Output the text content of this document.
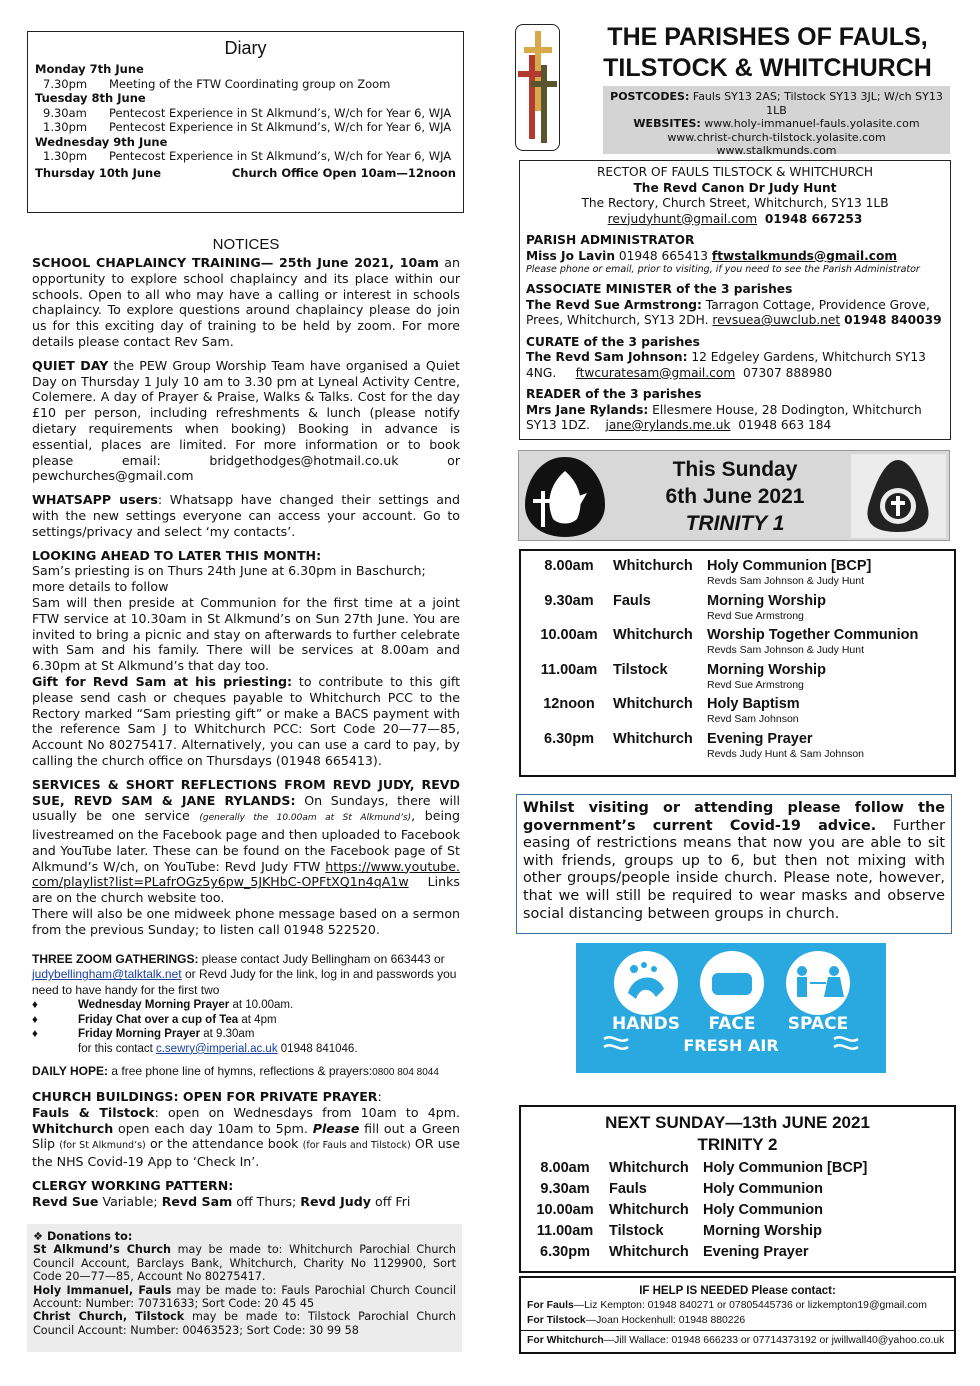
Diary
Monday 7th June
7.30pm	Meeting of the FTW Coordinating group on Zoom
Tuesday 8th June
9.30am	Pentecost Experience in St Alkmund’s, W/ch for Year 6, WJA
1.30pm	Pentecost Experience in St Alkmund’s, W/ch for Year 6, WJA
Wednesday 9th June
1.30pm	Pentecost Experience in St Alkmund’s, W/ch for Year 6, WJA
Thursday 10th June	Church Office Open 10am—12noon
NOTICES

SCHOOL CHAPLAINCY TRAINING— 25th June 2021, 10am an opportunity to explore school chaplaincy and its place within our schools. Open to all who may have a calling or interest in schools chaplaincy. To explore questions around chaplaincy please do join us for this exciting day of training to be held by zoom. For more details please contact Rev Sam.

QUIET DAY the PEW Group Worship Team have organised a Quiet Day on Thursday 1 July 10 am to 3.30 pm at Lyneal Activity Centre, Colemere. A day of Prayer & Praise, Walks & Talks. Cost for the day £10 per person, including refreshments & lunch (please notify dietary requirements when booking) Booking in advance is essential, places are limited. For more information or to book please email: bridgethodges@hotmail.co.uk or pewchurches@gmail.com

WHATSAPP users: Whatsapp have changed their settings and with the new settings everyone can access your account. Go to settings/privacy and select ‘my contacts’.

LOOKING AHEAD TO LATER THIS MONTH:

Sam’s priesting is on Thurs 24th June at 6.30pm in Baschurch; more details to follow

Sam will then preside at Communion for the first time at a joint FTW service at 10.30am in St Alkmund’s on Sun 27th June. You are invited to bring a picnic and stay on afterwards to further celebrate with Sam and his family. There will be services at 8.00am and 6.30pm at St Alkmund’s that day too.

Gift for Revd Sam at his priesting: to contribute to this gift please send cash or cheques payable to Whitchurch PCC to the Rectory marked “Sam priesting gift” or make a BACS payment with the reference Sam J to Whitchurch PCC: Sort Code 20—77—85, Account No 80275417. Alternatively, you can use a card to pay, by calling the church office on Thursdays (01948 665413).

SERVICES & SHORT REFLECTIONS FROM REVD JUDY, REVD SUE, REVD SAM & JANE RYLANDS: On Sundays, there will usually be one service (generally the 10.00am at St Alkmund’s), being livestreamed on the Facebook page and then uploaded to Facebook and YouTube later. These can be found on the Facebook page of St Alkmund’s W/ch, on YouTube: Revd Judy FTW https://www.youtube.com/playlist?list=PLafrOGz5y6pw_5JKHbC-OPFtXQ1n4qA1w Links are on the church website too.

There will also be one midweek phone message based on a sermon from the previous Sunday; to listen call 01948 522520.

THREE ZOOM GATHERINGS: please contact Judy Bellingham on 663443 or judybellingham@talktalk.net or Revd Judy for the link, log in and passwords you need to have handy for the first two

♦	Wednesday Morning Prayer at 10.00am.
♦	Friday Chat over a cup of Tea at 4pm
♦	Friday Morning Prayer at 9.30am
for this contact c.sewry@imperial.ac.uk 01948 841046.

DAILY HOPE: a free phone line of hymns, reflections & prayers:0800 804 8044

CHURCH BUILDINGS: OPEN FOR PRIVATE PRAYER:

Fauls & Tilstock: open on Wednesdays from 10am to 4pm. Whitchurch open each day 10am to 5pm. Please fill out a Green Slip (for St Alkmund’s) or the attendance book (for Fauls and Tilstock) OR use the NHS Covid-19 App to ‘Check In’.

CLERGY WORKING PATTERN:

Revd Sue Variable; Revd Sam off Thurs; Revd Judy off Fri

❖ Donations to:

St Alkmund’s Church may be made to: Whitchurch Parochial Church Council Account, Barclays Bank, Whitchurch, Charity No 1129900, Sort Code 20—77—85, Account No 80275417.

Holy Immanuel, Fauls may be made to: Fauls Parochial Church Council Account: Number: 70731633; Sort Code: 20 45 45

Christ Church, Tilstock may be made to: Tilstock Parochial Church Council Account: Number: 00463523; Sort Code: 30 99 58

THE PARISHES OF FAULS,
TILSTOCK & WHITCHURCH
POSTCODES: Fauls SY13 2AS; Tilstock SY13 3JL; W/ch SY13 1LB
WEBSITES: www.holy-immanuel-fauls.yolasite.com
www.christ-church-tilstock.yolasite.com
www.stalkmunds.com
RECTOR OF FAULS TILSTOCK & WHITCHURCH
The Revd Canon Dr Judy Hunt
The Rectory, Church Street, Whitchurch, SY13 1LB
revjudyhunt@gmail.com 01948 667253
PARISH ADMINISTRATOR
Miss Jo Lavin 01948 665413 ftwstalkmunds@gmail.com
Please phone or email, prior to visiting, if you need to see the Parish Administrator
ASSOCIATE MINISTER of the 3 parishes
The Revd Sue Armstrong: Tarragon Cottage, Providence Grove, Prees, Whitchurch, SY13 2DH. revsuea@uwclub.net 01948 840039
CURATE of the 3 parishes
The Revd Sam Johnson: 12 Edgeley Gardens, Whitchurch SY13 4NG. ftwcuratesam@gmail.com 07307 888980
READER of the 3 parishes
Mrs Jane Rylands: Ellesmere House, 28 Dodington, Whitchurch SY13 1DZ. jane@rylands.me.uk 01948 663 184
This Sunday
6th June 2021
TRINITY 1
8.00am	Whitchurch Holy Communion [BCP]
Revds Sam Johnson & Judy Hunt
9.30am	Fauls	Morning Worship
Revd Sue Armstrong
10.00am	Whitchurch Worship Together Communion
Revds Sam Johnson & Judy Hunt
11.00am	Tilstock	Morning Worship
Revd Sue Armstrong
12noon	Whitchurch Holy Baptism
Revd Sam Johnson
6.30pm	Whitchurch Evening Prayer
Revds Judy Hunt & Sam Johnson
Whilst visiting or attending please follow the government’s current Covid-19 advice. Further easing of restrictions means that now you are able to sit with friends, groups up to 6, but then not mixing with other groups/people inside church. Please note, however, that we will still be required to wear masks and observe social distancing between groups in church.
HANDS FACE SPACE
FRESH AIR
NEXT SUNDAY—13th JUNE 2021
TRINITY 2
8.00am	Whitchurch Holy Communion [BCP]
9.30am	Fauls	Holy Communion
10.00am	Whitchurch Holy Communion
11.00am	Tilstock	Morning Worship
6.30pm	Whitchurch Evening Prayer
IF HELP IS NEEDED Please contact:
For Fauls—Liz Kempton: 01948 840271 or 07805445736 or lizkempton19@gmail.com
For Tilstock—Joan Hockenhull: 01948 880226
For Whitchurch—Jill Wallace: 01948 666233 or 07714373192 or jwillwall40@yahoo.co.uk
